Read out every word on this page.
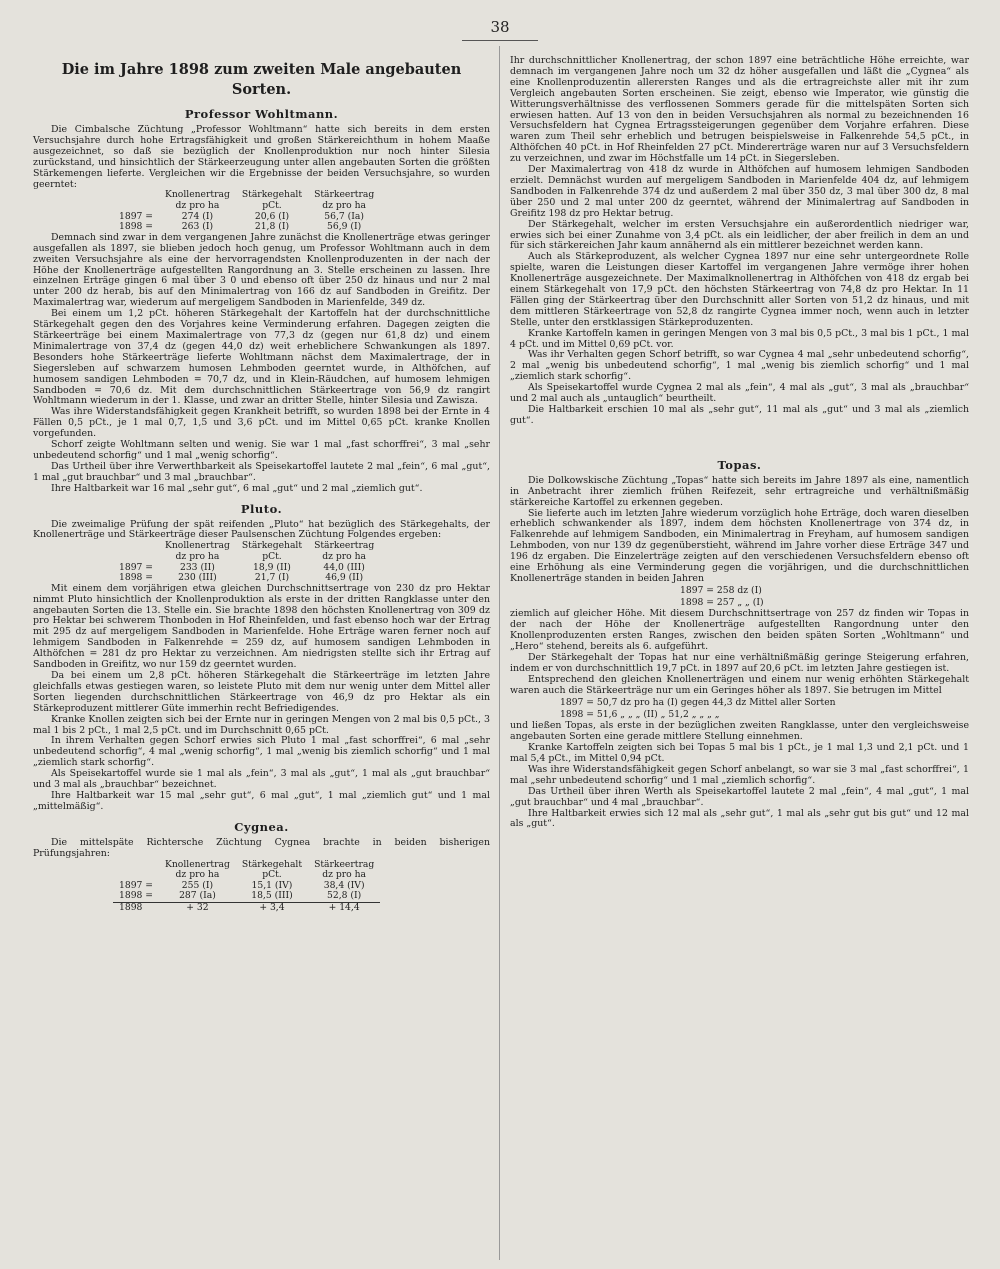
38
Die im Jahre 1898 zum zweiten Male angebauten Sorten.
Professor Wohltmann.

Die Cimbalsche Züchtung „Professor Wohltmann“ hatte sich bereits in dem ersten Versuchsjahre durch hohe Ertragsfähigkeit und großen Stärkereichthum in hohem Maaße ausgezeichnet, so daß sie bezüglich der Knollenproduktion nur noch hinter Silesia zurückstand, und hinsichtlich der Stärkeerzeugung unter allen angebauten Sorten die größten Stärkemengen lieferte. Vergleichen wir die Ergebnisse der beiden Versuchsjahre, so wurden geerntet:

	Knollenertrag	Stärkegehalt	Stärkeertrag
	dz pro ha	pCt.	dz pro ha
1897 =	274 (I)	20,6 (I)	56,7 (Ia)
1898 =	263 (I)	21,8 (I)	56,9 (I)

Demnach sind zwar in dem vergangenen Jahre zunächst die Knollenerträge etwas geringer ausgefallen als 1897, sie blieben jedoch hoch genug, um Professor Wohltmann auch in dem zweiten Versuchsjahre als eine der hervorragendsten Knollenproduzenten in der nach der Höhe der Knollenerträge aufgestellten Rangordnung an 3. Stelle erscheinen zu lassen. Ihre einzelnen Erträge gingen 6 mal über 3 0 und ebenso oft über 250 dz hinaus und nur 2 mal unter 200 dz herab, bis auf den Minimalertrag von 166 dz auf Sandboden in Greifitz. Der Maximalertrag war, wiederum auf mergeligem Sandboden in Marienfelde, 349 dz.

Bei einem um 1,2 pCt. höheren Stärkegehalt der Kartoffeln hat der durchschnittliche Stärkegehalt gegen den des Vorjahres keine Verminderung erfahren. Dagegen zeigten die Stärkeerträge bei einem Maximalertrage von 77,3 dz (gegen nur 61,8 dz) und einem Minimalertrage von 37,4 dz (gegen 44,0 dz) weit erheblichere Schwankungen als 1897. Besonders hohe Stärkeerträge lieferte Wohltmann nächst dem Maximalertrage, der in Siegersleben auf schwarzem humosen Lehmboden geerntet wurde, in Althöfchen, auf humosem sandigen Lehmboden = 70,7 dz, und in Klein-Räudchen, auf humosem lehmigen Sandboden = 70,6 dz. Mit dem durchschnittlichen Stärkeertrage von 56,9 dz rangirt Wohltmann wiederum in der 1. Klasse, und zwar an dritter Stelle, hinter Silesia und Zawisza.

Was ihre Widerstandsfähigkeit gegen Krankheit betrifft, so wurden 1898 bei der Ernte in 4 Fällen 0,5 pCt., je 1 mal 0,7, 1,5 und 3,6 pCt. und im Mittel 0,65 pCt. kranke Knollen vorgefunden.

Schorf zeigte Wohltmann selten und wenig. Sie war 1 mal „fast schorffrei“, 3 mal „sehr unbedeutend schorfig“ und 1 mal „wenig schorfig“.

Das Urtheil über ihre Verwerthbarkeit als Speisekartoffel lautete 2 mal „fein“, 6 mal „gut“, 1 mal „gut brauchbar“ und 3 mal „brauchbar“.

Ihre Haltbarkeit war 16 mal „sehr gut“, 6 mal „gut“ und 2 mal „ziemlich gut“.

Pluto.

Die zweimalige Prüfung der spät reifenden „Pluto“ hat bezüglich des Stärkegehalts, der Knollenerträge und Stärkeerträge dieser Paulsenschen Züchtung Folgendes ergeben:

	Knollenertrag	Stärkegehalt	Stärkeertrag
	dz pro ha	pCt.	dz pro ha
1897 =	233 (II)	18,9 (II)	44,0 (III)
1898 =	230 (III)	21,7 (I)	46,9 (II)

Mit einem dem vorjährigen etwa gleichen Durchschnittsertrage von 230 dz pro Hektar nimmt Pluto hinsichtlich der Knollenproduktion als erste in der dritten Rangklasse unter den angebauten Sorten die 13. Stelle ein. Sie brachte 1898 den höchsten Knollenertrag von 309 dz pro Hektar bei schwerem Thonboden in Hof Rheinfelden, und fast ebenso hoch war der Ertrag mit 295 dz auf mergeligem Sandboden in Marienfelde. Hohe Erträge waren ferner noch auf lehmigem Sandboden in Falkenrehde = 259 dz, auf humosem sandigen Lehmboden in Althöfchen = 281 dz pro Hektar zu verzeichnen. Am niedrigsten stellte sich ihr Ertrag auf Sandboden in Greifitz, wo nur 159 dz geerntet wurden.

Da bei einem um 2,8 pCt. höheren Stärkegehalt die Stärkeerträge im letzten Jahre gleichfalls etwas gestiegen waren, so leistete Pluto mit dem nur wenig unter dem Mittel aller Sorten liegenden durchschnittlichen Stärkeertrage von 46,9 dz pro Hektar als ein Stärkeproduzent mittlerer Güte immerhin recht Befriedigendes.

Kranke Knollen zeigten sich bei der Ernte nur in geringen Mengen von 2 mal bis 0,5 pCt., 3 mal 1 bis 2 pCt., 1 mal 2,5 pCt. und im Durchschnitt 0,65 pCt.

In ihrem Verhalten gegen Schorf erwies sich Pluto 1 mal „fast schorffrei“, 6 mal „sehr unbedeutend schorfig“, 4 mal „wenig schorfig“, 1 mal „wenig bis ziemlich schorfig“ und 1 mal „ziemlich stark schorfig“.

Als Speisekartoffel wurde sie 1 mal als „fein“, 3 mal als „gut“, 1 mal als „gut brauchbar“ und 3 mal als „brauchbar“ bezeichnet.

Ihre Haltbarkeit war 15 mal „sehr gut“, 6 mal „gut“, 1 mal „ziemlich gut“ und 1 mal „mittelmäßig“.

Cygnea.

Die mittelspäte Richtersche Züchtung Cygnea brachte in beiden bisherigen Prüfungsjahren:

	Knollenertrag	Stärkegehalt	Stärkeertrag
	dz pro ha	pCt.	dz pro ha
1897 =	255 (I)	15,1 (IV)	38,4 (IV)
1898 =	287 (Ia)	18,5 (III)	52,8 (I)
1898	+ 32	+ 3,4	+ 14,4

Ihr durchschnittlicher Knollenertrag, der schon 1897 eine beträchtliche Höhe erreichte, war demnach im vergangenen Jahre noch um 32 dz höher ausgefallen und läßt die „Cygnea“ als eine Knollenproduzentin allerersten Ranges und als die ertragreichste aller mit ihr zum Vergleich angebauten Sorten erscheinen. Sie zeigt, ebenso wie Imperator, wie günstig die Witterungsverhältnisse des verflossenen Sommers gerade für die mittelspäten Sorten sich erwiesen hatten. Auf 13 von den in beiden Versuchsjahren als normal zu bezeichnenden 16 Versuchsfeldern hat Cygnea Ertragssteigerungen gegenüber dem Vorjahre erfahren. Diese waren zum Theil sehr erheblich und betrugen beispielsweise in Falkenrehde 54,5 pCt., in Althöfchen 40 pCt. in Hof Rheinfelden 27 pCt. Mindererträge waren nur auf 3 Versuchsfeldern zu verzeichnen, und zwar im Höchstfalle um 14 pCt. in Siegersleben.

Der Maximalertrag von 418 dz wurde in Althöfchen auf humosem lehmigen Sandboden erzielt. Demnächst wurden auf mergeligem Sandboden in Marienfelde 404 dz, auf lehmigem Sandboden in Falkenrehde 374 dz und außerdem 2 mal über 350 dz, 3 mal über 300 dz, 8 mal über 250 und 2 mal unter 200 dz geerntet, während der Minimalertrag auf Sandboden in Greifitz 198 dz pro Hektar betrug.

Der Stärkegehalt, welcher im ersten Versuchsjahre ein außerordentlich niedriger war, erwies sich bei einer Zunahme von 3,4 pCt. als ein leidlicher, der aber freilich in dem an und für sich stärkereichen Jahr kaum annähernd als ein mittlerer bezeichnet werden kann.

Auch als Stärkeproduzent, als welcher Cygnea 1897 nur eine sehr untergeordnete Rolle spielte, waren die Leistungen dieser Kartoffel im vergangenen Jahre vermöge ihrer hohen Knollenerträge ausgezeichnete. Der Maximalknollenertrag in Althöfchen von 418 dz ergab bei einem Stärkegehalt von 17,9 pCt. den höchsten Stärkeertrag von 74,8 dz pro Hektar. In 11 Fällen ging der Stärkeertrag über den Durchschnitt aller Sorten von 51,2 dz hinaus, und mit dem mittleren Stärkeertrage von 52,8 dz rangirte Cygnea immer noch, wenn auch in letzter Stelle, unter den erstklassigen Stärkeproduzenten.

Kranke Kartoffeln kamen in geringen Mengen von 3 mal bis 0,5 pCt., 3 mal bis 1 pCt., 1 mal 4 pCt. und im Mittel 0,69 pCt. vor.

Was ihr Verhalten gegen Schorf betrifft, so war Cygnea 4 mal „sehr unbedeutend schorfig“, 2 mal „wenig bis unbedeutend schorfig“, 1 mal „wenig bis ziemlich schorfig“ und 1 mal „ziemlich stark schorfig“.

Als Speisekartoffel wurde Cygnea 2 mal als „fein“, 4 mal als „gut“, 3 mal als „brauchbar“ und 2 mal auch als „untauglich“ beurtheilt.

Die Haltbarkeit erschien 10 mal als „sehr gut“, 11 mal als „gut“ und 3 mal als „ziemlich gut“.

Topas.

Die Dolkowskische Züchtung „Topas“ hatte sich bereits im Jahre 1897 als eine, namentlich in Anbetracht ihrer ziemlich frühen Reifezeit, sehr ertragreiche und verhältnißmäßig stärkereiche Kartoffel zu erkennen gegeben.

Sie lieferte auch im letzten Jahre wiederum vorzüglich hohe Erträge, doch waren dieselben erheblich schwankender als 1897, indem dem höchsten Knollenertrage von 374 dz, in Falkenrehde auf lehmigem Sandboden, ein Minimalertrag in Freyham, auf humosem sandigen Lehmboden, von nur 139 dz gegenüberstieht, während im Jahre vorher diese Erträge 347 und 196 dz ergaben. Die Einzelerträge zeigten auf den verschiedenen Versuchsfeldern ebenso oft eine Erhöhung als eine Verminderung gegen die vorjährigen, und die durchschnittlichen Knollenerträge standen in beiden Jahren

1897 = 258 dz (I)
1898 = 257 „ „ (I)

ziemlich auf gleicher Höhe. Mit diesem Durchschnittsertrage von 257 dz finden wir Topas in der nach der Höhe der Knollenerträge aufgestellten Rangordnung unter den Knollenproduzenten ersten Ranges, zwischen den beiden späten Sorten „Wohltmann“ und „Hero“ stehend, bereits als 6. aufgeführt.

Der Stärkegehalt der Topas hat nur eine verhältnißmäßig geringe Steigerung erfahren, indem er von durchschnittlich 19,7 pCt. in 1897 auf 20,6 pCt. im letzten Jahre gestiegen ist.

Entsprechend den gleichen Knollenerträgen und einem nur wenig erhöhten Stärkegehalt waren auch die Stärkeerträge nur um ein Geringes höher als 1897. Sie betrugen im Mittel

1897 = 50,7 dz pro ha (I) gegen 44,3 dz Mittel aller Sorten
1898 = 51,6 „ „ „ (II) „ 51,2 „ „ „ „

und ließen Topas, als erste in der bezüglichen zweiten Rangklasse, unter den vergleichsweise angebauten Sorten eine gerade mittlere Stellung einnehmen.

Kranke Kartoffeln zeigten sich bei Topas 5 mal bis 1 pCt., je 1 mal 1,3 und 2,1 pCt. und 1 mal 5,4 pCt., im Mittel 0,94 pCt.

Was ihre Widerstandsfähigkeit gegen Schorf anbelangt, so war sie 3 mal „fast schorffrei“, 1 mal „sehr unbedeutend schorfig“ und 1 mal „ziemlich schorfig“.

Das Urtheil über ihren Werth als Speisekartoffel lautete 2 mal „fein“, 4 mal „gut“, 1 mal „gut brauchbar“ und 4 mal „brauchbar“.

Ihre Haltbarkeit erwies sich 12 mal als „sehr gut“, 1 mal als „sehr gut bis gut“ und 12 mal als „gut“.
